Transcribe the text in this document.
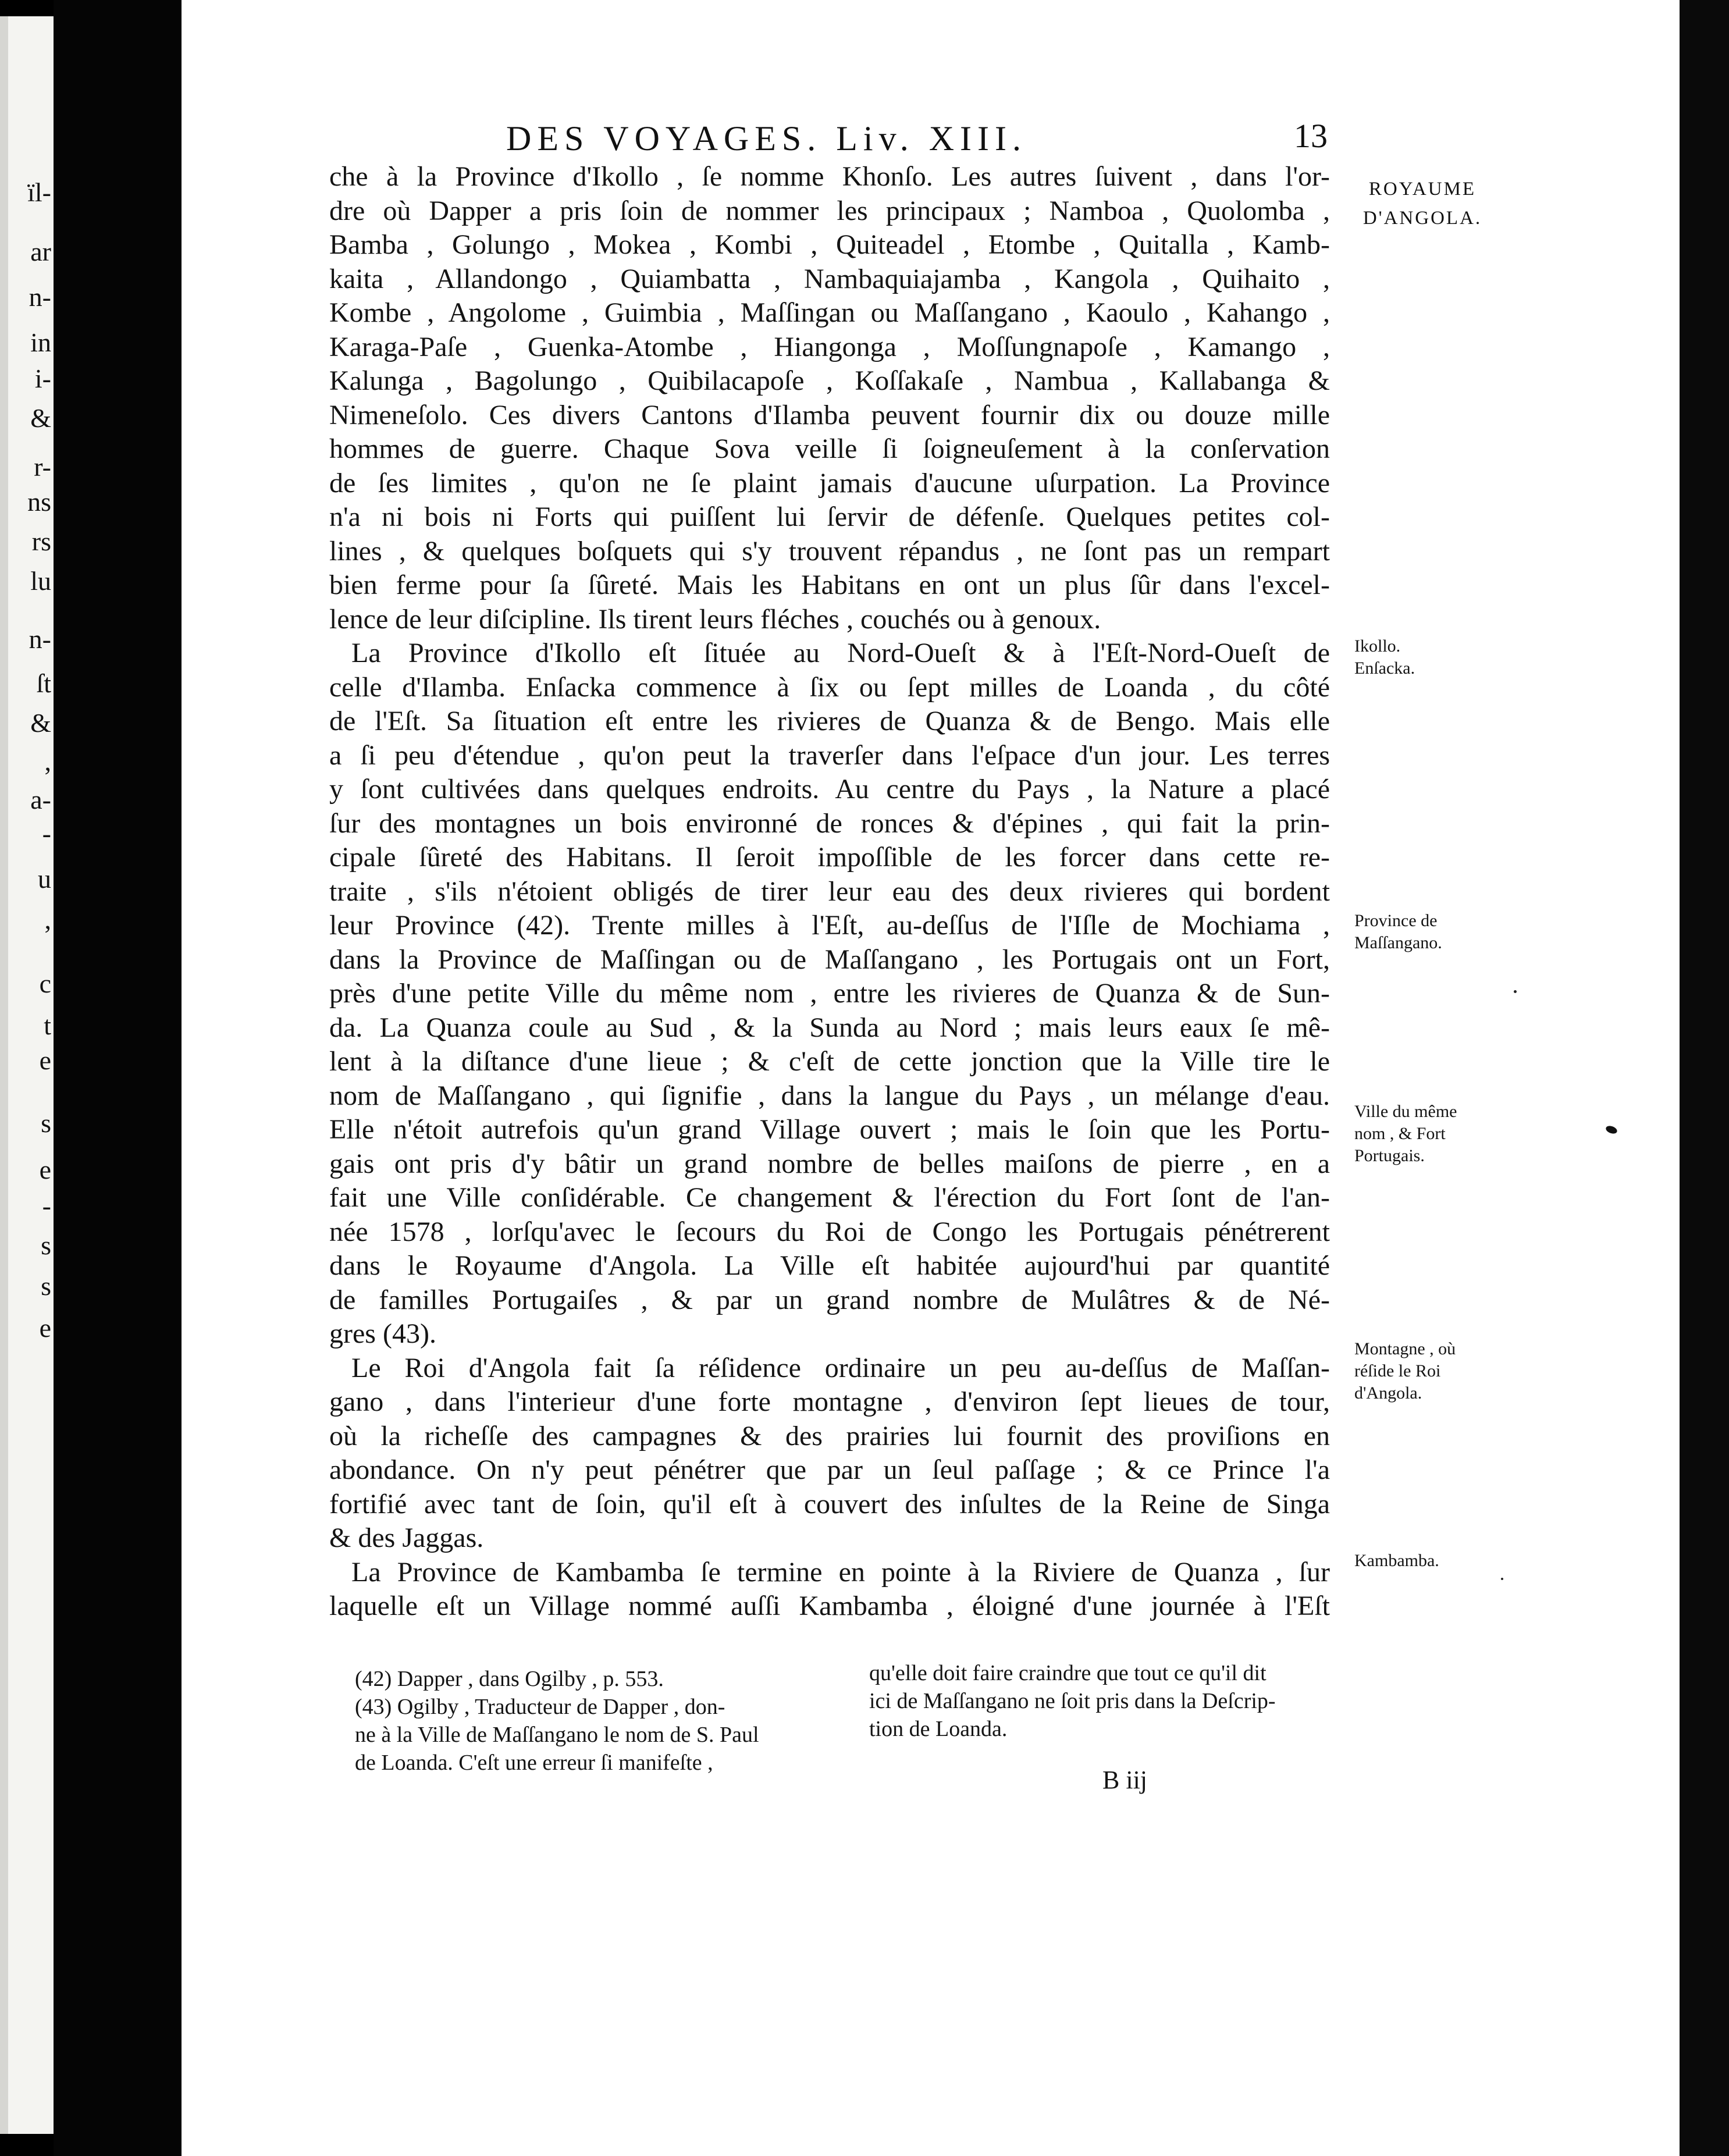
ïl-
ar
n-
in
i-
&
r-
ns
rs
lu
n-
ſt
&
,
a-
-
u
,
c
t
e
s
e
-
s
s
e
DES VOYAGES. Liv. XIII.	13
ROYAUME
D'ANGOLA.
che à la Province d'Ikollo , ſe nomme Khonſo. Les autres ſuivent , dans l'or-
dre où Dapper a pris ſoin de nommer les principaux ; Namboa , Quolomba ,
Bamba , Golungo , Mokea , Kombi , Quiteadel , Etombe , Quitalla , Kamb-
kaita , Allandongo , Quiambatta , Nambaquiajamba , Kangola , Quihaito ,
Kombe , Angolome , Guimbia , Maſſingan ou Maſſangano , Kaoulo , Kahango ,
Karaga-Paſe , Guenka-Atombe , Hiangonga , Moſſungnapoſe , Kamango ,
Kalunga , Bagolungo , Quibilacapoſe , Koſſakaſe , Nambua , Kallabanga &
Nimeneſolo. Ces divers Cantons d'Ilamba peuvent fournir dix ou douze mille
hommes de guerre. Chaque Sova veille ſi ſoigneuſement à la conſervation
de ſes limites , qu'on ne ſe plaint jamais d'aucune uſurpation. La Province
n'a ni bois ni Forts qui puiſſent lui ſervir de défenſe. Quelques petites col-
lines , & quelques boſquets qui s'y trouvent répandus , ne ſont pas un rempart
bien ferme pour ſa ſûreté. Mais les Habitans en ont un plus ſûr dans l'excel-
lence de leur diſcipline. Ils tirent leurs fléches , couchés ou à genoux.
La Province d'Ikollo eſt ſituée au Nord-Oueſt & à l'Eſt-Nord-Oueſt de
celle d'Ilamba. Enſacka commence à ſix ou ſept milles de Loanda , du côté
de l'Eſt. Sa ſituation eſt entre les rivieres de Quanza & de Bengo. Mais elle
a ſi peu d'étendue , qu'on peut la traverſer dans l'eſpace d'un jour. Les terres
y ſont cultivées dans quelques endroits. Au centre du Pays , la Nature a placé
ſur des montagnes un bois environné de ronces & d'épines , qui fait la prin-
cipale ſûreté des Habitans. Il ſeroit impoſſible de les forcer dans cette re-
traite , s'ils n'étoient obligés de tirer leur eau des deux rivieres qui bordent
leur Province (42). Trente milles à l'Eſt, au-deſſus de l'Iſle de Mochiama ,
dans la Province de Maſſingan ou de Maſſangano , les Portugais ont un Fort,
près d'une petite Ville du même nom , entre les rivieres de Quanza & de Sun-
da. La Quanza coule au Sud , & la Sunda au Nord ; mais leurs eaux ſe mê-
lent à la diſtance d'une lieue ; & c'eſt de cette jonction que la Ville tire le
nom de Maſſangano , qui ſignifie , dans la langue du Pays , un mélange d'eau.
Elle n'étoit autrefois qu'un grand Village ouvert ; mais le ſoin que les Portu-
gais ont pris d'y bâtir un grand nombre de belles maiſons de pierre , en a
fait une Ville conſidérable. Ce changement & l'érection du Fort ſont de l'an-
née 1578 , lorſqu'avec le ſecours du Roi de Congo les Portugais pénétrerent
dans le Royaume d'Angola. La Ville eſt habitée aujourd'hui par quantité
de familles Portugaiſes , & par un grand nombre de Mulâtres & de Né-
gres (43).
Le Roi d'Angola fait ſa réſidence ordinaire un peu au-deſſus de Maſſan-
gano , dans l'interieur d'une forte montagne , d'environ ſept lieues de tour,
où la richeſſe des campagnes & des prairies lui fournit des proviſions en
abondance. On n'y peut pénétrer que par un ſeul paſſage ; & ce Prince l'a
fortifié avec tant de ſoin, qu'il eſt à couvert des inſultes de la Reine de Singa
& des Jaggas.
La Province de Kambamba ſe termine en pointe à la Riviere de Quanza , ſur
laquelle eſt un Village nommé auſſi Kambamba , éloigné d'une journée à l'Eſt
Ikollo.
Enſacka.
Province de
Maſſangano.
Ville du même
nom , & Fort
Portugais.
Montagne , où
réſide le Roi
d'Angola.
Kambamba.
(42) Dapper , dans Ogilby , p. 553.
(43) Ogilby , Traducteur de Dapper , don-
ne à la Ville de Maſſangano le nom de S. Paul
de Loanda. C'eſt une erreur ſi manifeſte ,
qu'elle doit faire craindre que tout ce qu'il dit
ici de Maſſangano ne ſoit pris dans la Deſcrip-
tion de Loanda.
B iij
